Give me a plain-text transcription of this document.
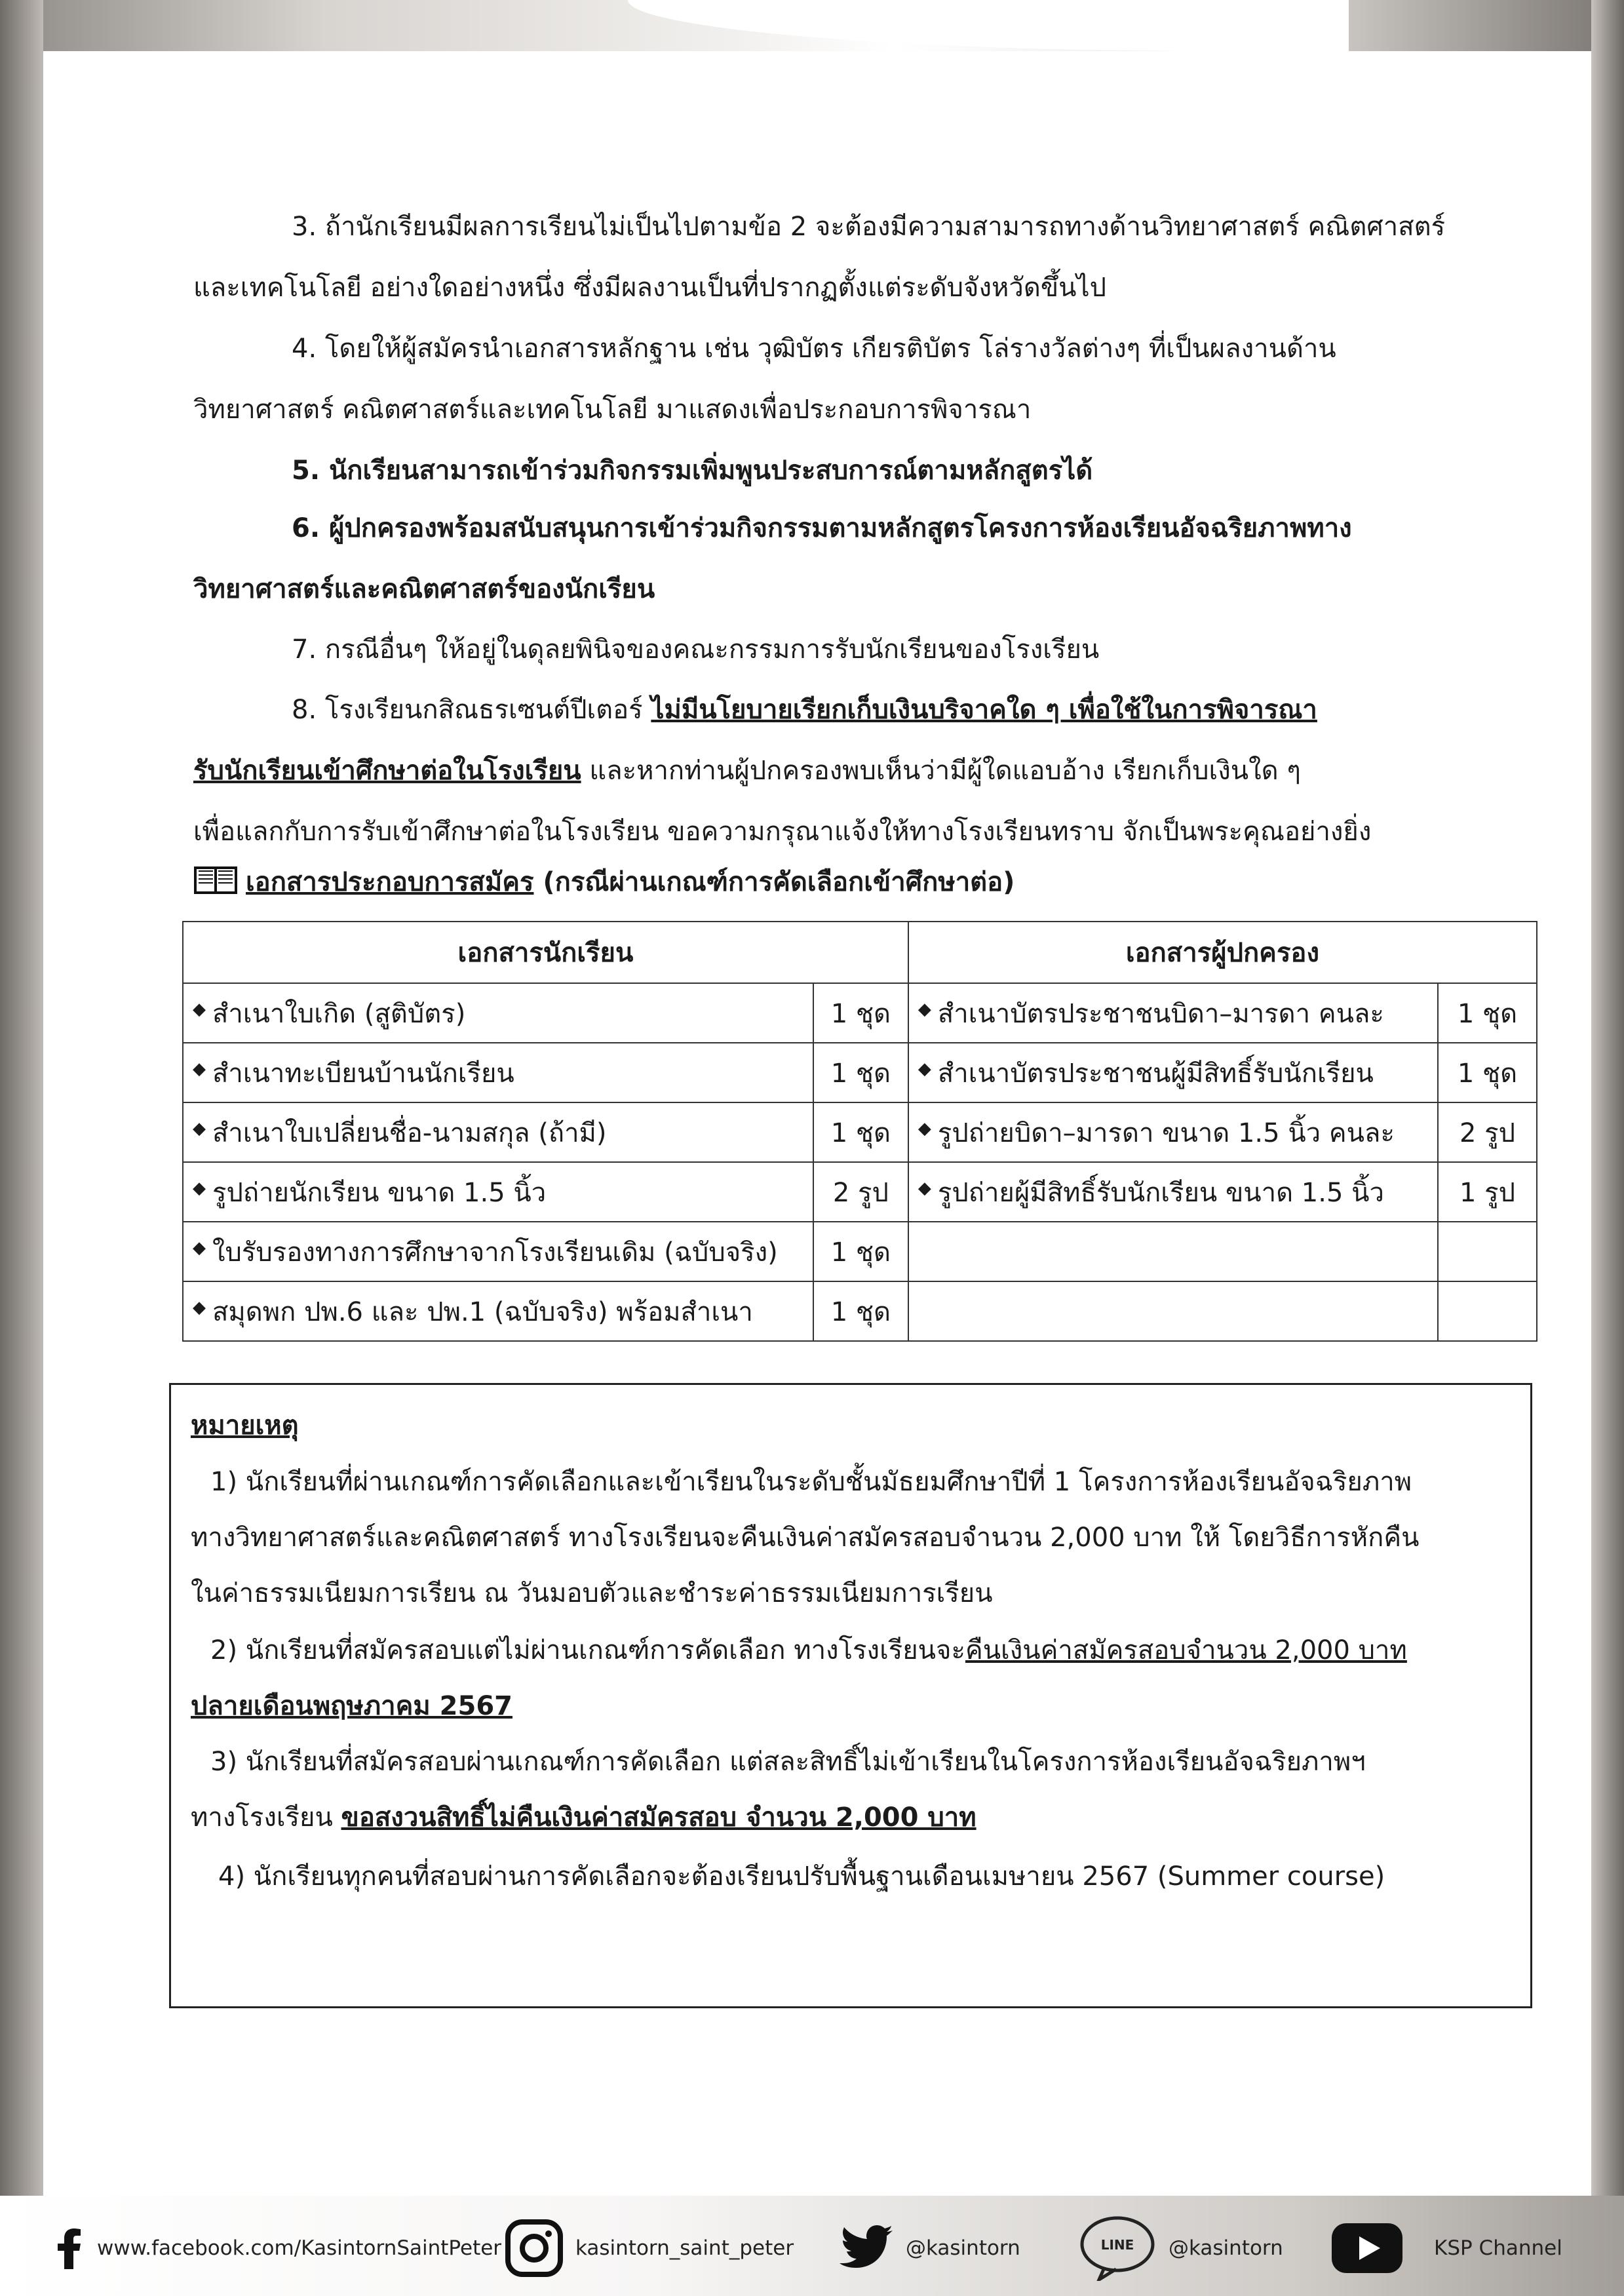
3. ถ้านักเรียนมีผลการเรียนไม่เป็นไปตามข้อ 2 จะต้องมีความสามารถทางด้านวิทยาศาสตร์ คณิตศาสตร์
และเทคโนโลยี อย่างใดอย่างหนึ่ง ซึ่งมีผลงานเป็นที่ปรากฏตั้งแต่ระดับจังหวัดขึ้นไป
4. โดยให้ผู้สมัครนำเอกสารหลักฐาน เช่น วุฒิบัตร เกียรติบัตร โล่รางวัลต่างๆ ที่เป็นผลงานด้าน
วิทยาศาสตร์ คณิตศาสตร์และเทคโนโลยี มาแสดงเพื่อประกอบการพิจารณา
5. นักเรียนสามารถเข้าร่วมกิจกรรมเพิ่มพูนประสบการณ์ตามหลักสูตรได้
6. ผู้ปกครองพร้อมสนับสนุนการเข้าร่วมกิจกรรมตามหลักสูตรโครงการห้องเรียนอัจฉริยภาพทาง
วิทยาศาสตร์และคณิตศาสตร์ของนักเรียน
7. กรณีอื่นๆ ให้อยู่ในดุลยพินิจของคณะกรรมการรับนักเรียนของโรงเรียน
8. โรงเรียนกสิณธรเซนต์ปีเตอร์ ไม่มีนโยบายเรียกเก็บเงินบริจาคใด ๆ เพื่อใช้ในการพิจารณา
รับนักเรียนเข้าศึกษาต่อในโรงเรียน และหากท่านผู้ปกครองพบเห็นว่ามีผู้ใดแอบอ้าง เรียกเก็บเงินใด ๆ
เพื่อแลกกับการรับเข้าศึกษาต่อในโรงเรียน ขอความกรุณาแจ้งให้ทางโรงเรียนทราบ จักเป็นพระคุณอย่างยิ่ง
เอกสารประกอบการสมัคร (กรณีผ่านเกณฑ์การคัดเลือกเข้าศึกษาต่อ)
เอกสารนักเรียน		เอกสารผู้ปกครอง	
◆ สำเนาใบเกิด (สูติบัตร)	1 ชุด	◆ สำเนาบัตรประชาชนบิดา–มารดา คนละ	1 ชุด
◆ สำเนาทะเบียนบ้านนักเรียน	1 ชุด	◆ สำเนาบัตรประชาชนผู้มีสิทธิ์รับนักเรียน	1 ชุด
◆ สำเนาใบเปลี่ยนชื่อ-นามสกุล (ถ้ามี)	1 ชุด	◆ รูปถ่ายบิดา–มารดา ขนาด 1.5 นิ้ว คนละ	2 รูป
◆ รูปถ่ายนักเรียน ขนาด 1.5 นิ้ว	2 รูป	◆ รูปถ่ายผู้มีสิทธิ์รับนักเรียน ขนาด 1.5 นิ้ว	1 รูป
◆ ใบรับรองทางการศึกษาจากโรงเรียนเดิม (ฉบับจริง)	1 ชุด		
◆ สมุดพก ปพ.6 และ ปพ.1 (ฉบับจริง) พร้อมสำเนา	1 ชุด		
หมายเหตุ
1) นักเรียนที่ผ่านเกณฑ์การคัดเลือกและเข้าเรียนในระดับชั้นมัธยมศึกษาปีที่ 1 โครงการห้องเรียนอัจฉริยภาพ
ทางวิทยาศาสตร์และคณิตศาสตร์ ทางโรงเรียนจะคืนเงินค่าสมัครสอบจำนวน 2,000 บาท ให้ โดยวิธีการหักคืน
ในค่าธรรมเนียมการเรียน ณ วันมอบตัวและชำระค่าธรรมเนียมการเรียน
2) นักเรียนที่สมัครสอบแต่ไม่ผ่านเกณฑ์การคัดเลือก ทางโรงเรียนจะคืนเงินค่าสมัครสอบจำนวน 2,000 บาท
ปลายเดือนพฤษภาคม 2567
3) นักเรียนที่สมัครสอบผ่านเกณฑ์การคัดเลือก แต่สละสิทธิ์ไม่เข้าเรียนในโครงการห้องเรียนอัจฉริยภาพฯ
ทางโรงเรียน ขอสงวนสิทธิ์ไม่คืนเงินค่าสมัครสอบ จำนวน 2,000 บาท
4) นักเรียนทุกคนที่สอบผ่านการคัดเลือกจะต้องเรียนปรับพื้นฐานเดือนเมษายน 2567 (Summer course)
www.facebook.com/KasintornSaintPeter	kasintorn_saint_peter	@kasintorn	LINE @kasintorn	KSP Channel
